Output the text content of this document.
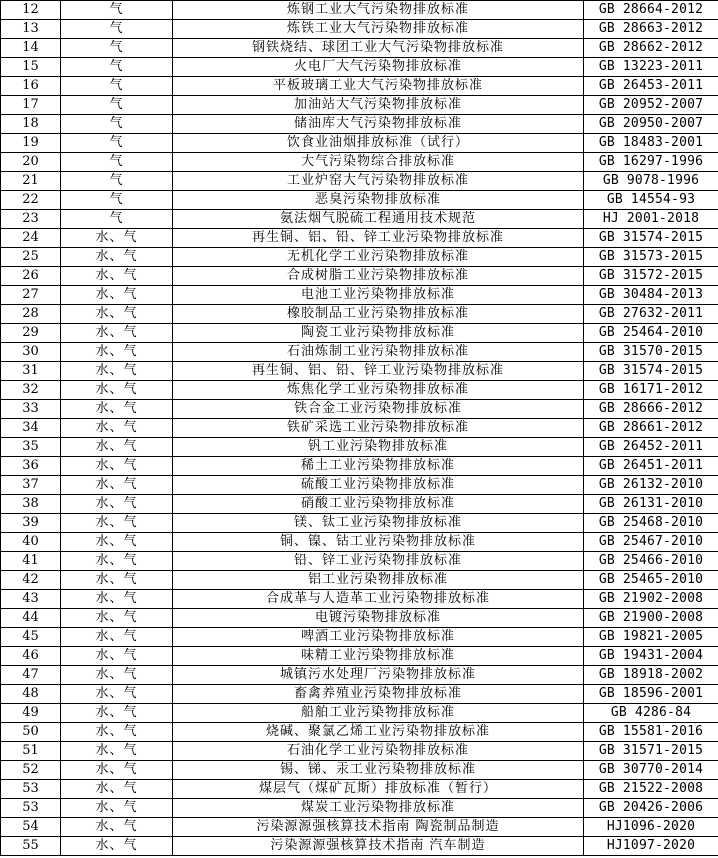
12	气	炼钢工业大气污染物排放标准	GB 28664-2012
13	气	炼铁工业大气污染物排放标准	GB 28663-2012
14	气	钢铁烧结、球团工业大气污染物排放标准	GB 28662-2012
15	气	火电厂大气污染物排放标准	GB 13223-2011
16	气	平板玻璃工业大气污染物排放标准	GB 26453-2011
17	气	加油站大气污染物排放标准	GB 20952-2007
18	气	储油库大气污染物排放标准	GB 20950-2007
19	气	饮食业油烟排放标准（试行）	GB 18483-2001
20	气	大气污染物综合排放标准	GB 16297-1996
21	气	工业炉窑大气污染物排放标准	GB 9078-1996
22	气	恶臭污染物排放标准	GB 14554-93
23	气	氨法烟气脱硫工程通用技术规范	HJ 2001-2018
24	水、气	再生铜、铝、铅、锌工业污染物排放标准	GB 31574-2015
25	水、气	无机化学工业污染物排放标准	GB 31573-2015
26	水、气	合成树脂工业污染物排放标准	GB 31572-2015
27	水、气	电池工业污染物排放标准	GB 30484-2013
28	水、气	橡胶制品工业污染物排放标准	GB 27632-2011
29	水、气	陶瓷工业污染物排放标准	GB 25464-2010
30	水、气	石油炼制工业污染物排放标准	GB 31570-2015
31	水、气	再生铜、铝、铅、锌工业污染物排放标准	GB 31574-2015
32	水、气	炼焦化学工业污染物排放标准	GB 16171-2012
33	水、气	铁合金工业污染物排放标准	GB 28666-2012
34	水、气	铁矿采选工业污染物排放标准	GB 28661-2012
35	水、气	钒工业污染物排放标准	GB 26452-2011
36	水、气	稀土工业污染物排放标准	GB 26451-2011
37	水、气	硫酸工业污染物排放标准	GB 26132-2010
38	水、气	硝酸工业污染物排放标准	GB 26131-2010
39	水、气	镁、钛工业污染物排放标准	GB 25468-2010
40	水、气	铜、镍、钴工业污染物排放标准	GB 25467-2010
41	水、气	铅、锌工业污染物排放标准	GB 25466-2010
42	水、气	铝工业污染物排放标准	GB 25465-2010
43	水、气	合成革与人造革工业污染物排放标准	GB 21902-2008
44	水、气	电镀污染物排放标准	GB 21900-2008
45	水、气	啤酒工业污染物排放标准	GB 19821-2005
46	水、气	味精工业污染物排放标准	GB 19431-2004
47	水、气	城镇污水处理厂污染物排放标准	GB 18918-2002
48	水、气	畜禽养殖业污染物排放标准	GB 18596-2001
49	水、气	船舶工业污染物排放标准	GB 4286-84
50	水、气	烧碱、聚氯乙烯工业污染物排放标准	GB 15581-2016
51	水、气	石油化学工业污染物排放标准	GB 31571-2015
52	水、气	锡、锑、汞工业污染物排放标准	GB 30770-2014
53	水、气	煤层气（煤矿瓦斯）排放标准（暂行）	GB 21522-2008
53	水、气	煤炭工业污染物排放标准	GB 20426-2006
54	水、气	污染源源强核算技术指南 陶瓷制品制造	HJ1096-2020
55	水、气	污染源源强核算技术指南 汽车制造	HJ1097-2020
